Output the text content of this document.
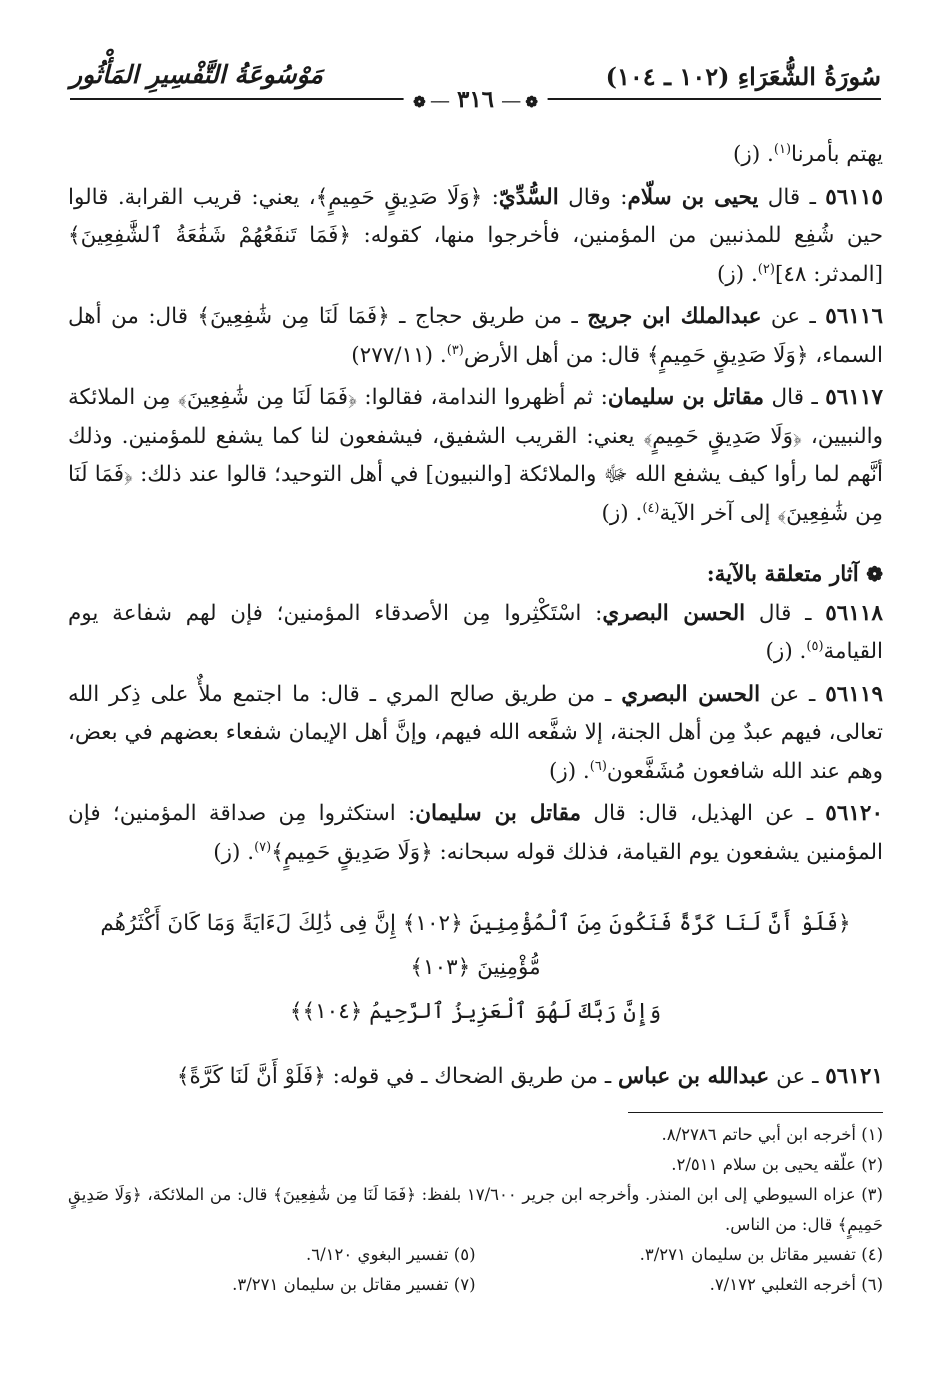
سُورَةُ الشُّعَرَاءِ (١٠٢ ـ ١٠٤)
مَوْسُوعَةُ التَّفْسِيرِ المَأْثُور
❁ ── ٣١٦ ── ❁

يهتم بأمرنا$^{(١)}$. (ز)

٥٦١١٥ ـ قال يحيى بن سلّام: وقال السُّدِّيّ: ﴿وَلَا صَدِيقٍ حَمِيمٍ﴾، يعني: قريب القرابة. قالوا حين شُفِع للمذنبين من المؤمنين، فأخرجوا منها، كقوله: ﴿فَمَا تَنفَعُهُمْ شَفَٰعَةُ ٱلشَّٰفِعِينَ﴾ [المدثر: ٤٨]$^{(٢)}$. (ز)

٥٦١١٦ ـ عن عبدالملك ابن جريج ـ من طريق حجاج ـ ﴿فَمَا لَنَا مِن شَٰفِعِينَ﴾ قال: من أهل السماء، ﴿وَلَا صَدِيقٍ حَمِيمٍ﴾ قال: من أهل الأرض$^{(٣)}$. (٢٧٧/١١)

٥٦١١٧ ـ قال مقاتل بن سليمان: ثم أظهروا الندامة، فقالوا: ﴿فَمَا لَنَا مِن شَٰفِعِينَ﴾ مِن الملائكة والنبيين، ﴿وَلَا صَدِيقٍ حَمِيمٍ﴾ يعني: القريب الشفيق، فيشفعون لنا كما يشفع للمؤمنين. وذلك أنَّهم لما رأوا كيف يشفع الله ﷻ والملائكة [والنبيون] في أهل التوحيد؛ قالوا عند ذلك: ﴿فَمَا لَنَا مِن شَٰفِعِينَ﴾ إلى آخر الآية$^{(٤)}$. (ز)

❁ آثار متعلقة بالآية:

٥٦١١٨ ـ قال الحسن البصري: اسْتَكْثِروا مِن الأصدقاء المؤمنين؛ فإن لهم شفاعة يوم القيامة$^{(٥)}$. (ز)

٥٦١١٩ ـ عن الحسن البصري ـ من طريق صالح المري ـ قال: ما اجتمع ملأٌ على ذِكر الله تعالى، فيهم عبدٌ مِن أهل الجنة، إلا شفَّعه الله فيهم، وإنَّ أهل الإيمان شفعاء بعضهم في بعض، وهم عند الله شافعون مُشَفَّعون$^{(٦)}$. (ز)

٥٦١٢٠ ـ عن الهذيل، قال: قال مقاتل بن سليمان: استكثروا مِن صداقة المؤمنين؛ فإن المؤمنين يشفعون يوم القيامة، فذلك قوله سبحانه: ﴿وَلَا صَدِيقٍ حَمِيمٍ﴾$^{(٧)}$. (ز)

﴿فَلَوْ أَنَّ لَنَا كَرَّةً فَنَكُونَ مِنَ ٱلْمُؤْمِنِينَ ﴿١٠٢﴾ إِنَّ فِى ذَٰلِكَ لَءَايَةً وَمَا كَانَ أَكْثَرُهُم مُّؤْمِنِينَ ﴿١٠٣﴾
وَإِنَّ رَبَّكَ لَهُوَ ٱلْعَزِيزُ ٱلرَّحِيمُ ﴿١٠٤﴾﴾

٥٦١٢١ ـ عن عبدالله بن عباس ـ من طريق الضحاك ـ في قوله: ﴿فَلَوْ أَنَّ لَنَا كَرَّةً﴾

(١) أخرجه ابن أبي حاتم ٨/٢٧٨٦.

(٢) علّقه يحيى بن سلام ٢/٥١١.

(٣) عزاه السيوطي إلى ابن المنذر. وأخرجه ابن جرير ١٧/٦٠٠ بلفظ: ﴿فَمَا لَنَا مِن شَٰفِعِينَ﴾ قال: من الملائكة، ﴿وَلَا صَدِيقٍ حَمِيمٍ﴾ قال: من الناس.

(٤) تفسير مقاتل بن سليمان ٣/٢٧١.
(٥) تفسير البغوي ٦/١٢٠.
(٦) أخرجه الثعلبي ٧/١٧٢.
(٧) تفسير مقاتل بن سليمان ٣/٢٧١.
